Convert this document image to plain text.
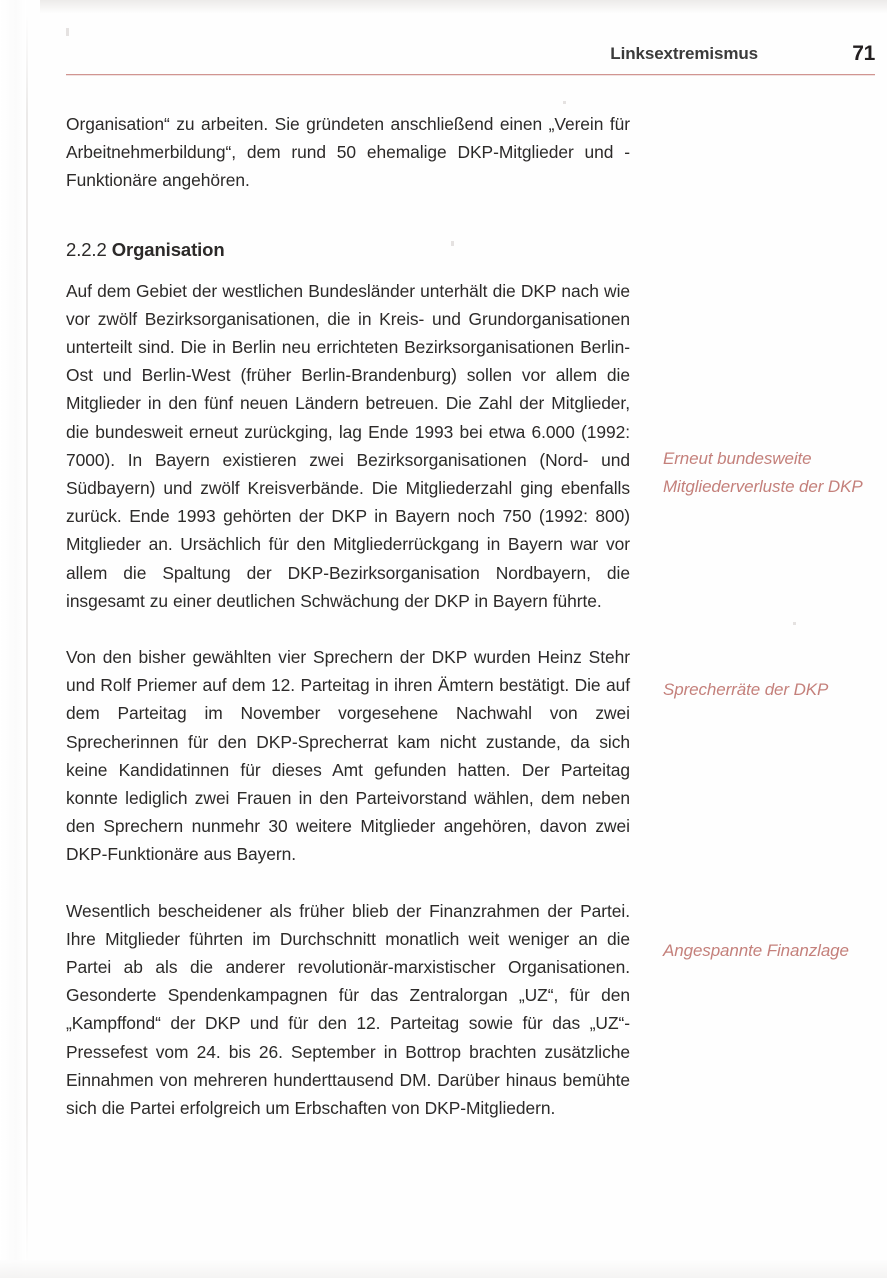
Linksextremismus	71

Organisation“ zu arbeiten. Sie gründeten anschließend einen „Verein für Arbeitnehmerbildung“, dem rund 50 ehemalige DKP-Mitglieder und -Funktionäre angehören.

2.2.2 Organisation

Auf dem Gebiet der westlichen Bundesländer unterhält die DKP nach wie vor zwölf Bezirksorganisationen, die in Kreis- und Grundorganisationen unterteilt sind. Die in Berlin neu errichteten Bezirksorganisationen Berlin-Ost und Berlin-West (früher Berlin-Brandenburg) sollen vor allem die Mitglieder in den fünf neuen Ländern betreuen. Die Zahl der Mitglieder, die bundesweit erneut zurückging, lag Ende 1993 bei etwa 6.000 (1992: 7000). In Bayern existieren zwei Bezirksorganisationen (Nord- und Südbayern) und zwölf Kreisverbände. Die Mitgliederzahl ging ebenfalls zurück. Ende 1993 gehörten der DKP in Bayern noch 750 (1992: 800) Mitglieder an. Ursächlich für den Mitgliederrückgang in Bayern war vor allem die Spaltung der DKP-Bezirksorganisation Nordbayern, die insgesamt zu einer deutlichen Schwächung der DKP in Bayern führte.

Von den bisher gewählten vier Sprechern der DKP wurden Heinz Stehr und Rolf Priemer auf dem 12. Parteitag in ihren Ämtern bestätigt. Die auf dem Parteitag im November vorgesehene Nachwahl von zwei Sprecherinnen für den DKP-Sprecherrat kam nicht zustande, da sich keine Kandidatinnen für dieses Amt gefunden hatten. Der Parteitag konnte lediglich zwei Frauen in den Parteivorstand wählen, dem neben den Sprechern nunmehr 30 weitere Mitglieder angehören, davon zwei DKP-Funktionäre aus Bayern.

Wesentlich bescheidener als früher blieb der Finanzrahmen der Partei. Ihre Mitglieder führten im Durchschnitt monatlich weit weniger an die Partei ab als die anderer revolutionär-marxistischer Organisationen. Gesonderte Spendenkampagnen für das Zentralorgan „UZ“, für den „Kampffond“ der DKP und für den 12. Parteitag sowie für das „UZ“-Pressefest vom 24. bis 26. September in Bottrop brachten zusätzliche Einnahmen von mehreren hunderttausend DM. Darüber hinaus bemühte sich die Partei erfolgreich um Erbschaften von DKP-Mitgliedern.

Erneut bundesweite Mitgliederverluste der DKP
Sprecherräte der DKP
Angespannte Finanzlage
